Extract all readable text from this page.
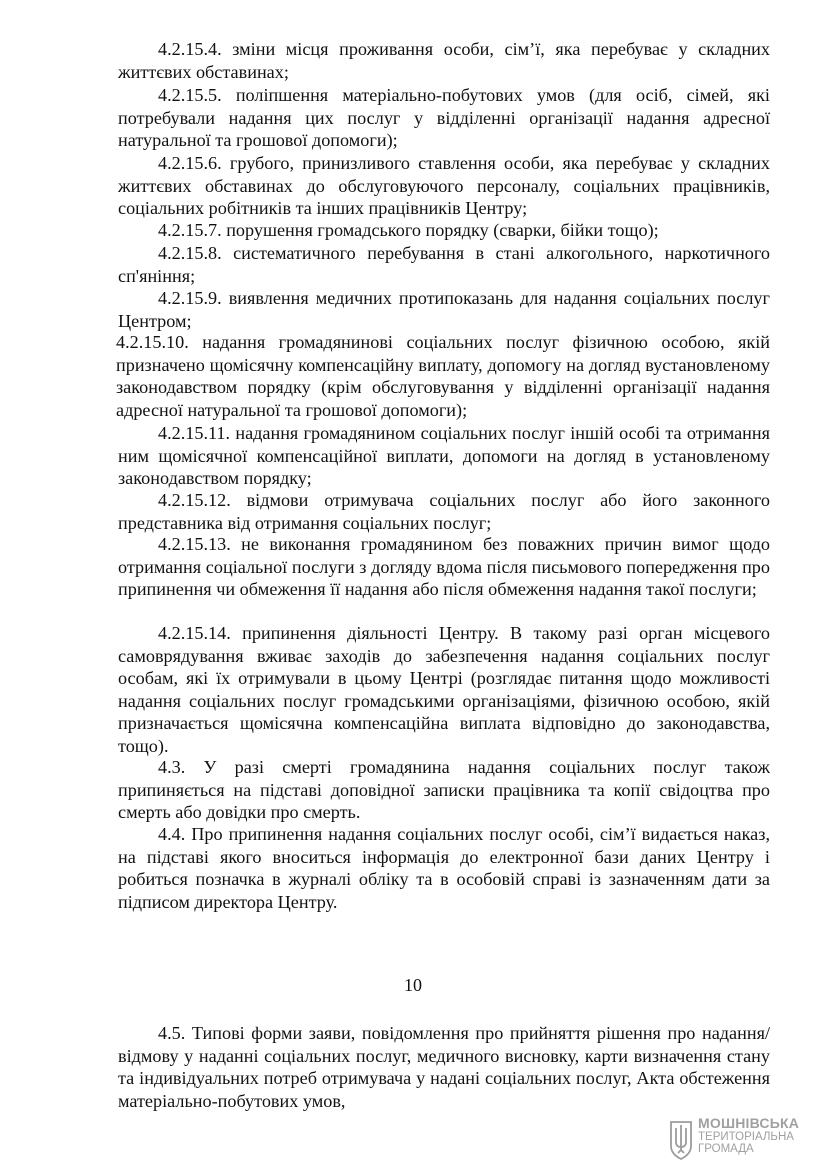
4.2.15.4. зміни місця проживання особи, сім’ї, яка перебуває у складних життєвих обставинах;

4.2.15.5. поліпшення матеріально-побутових умов (для осіб, сімей, які потребували надання цих послуг у відділенні організації надання адресної натуральної та грошової допомоги);

4.2.15.6. грубого, принизливого ставлення особи, яка перебуває у складних життєвих обставинах до обслуговуючого персоналу, соціальних працівників, соціальних робітників та інших працівників Центру;

4.2.15.7. порушення громадського порядку (сварки, бійки тощо);

4.2.15.8. систематичного перебування в стані алкогольного, наркотичного сп'яніння;

4.2.15.9. виявлення медичних протипоказань для надання соціальних послуг Центром;

4.2.15.10. надання громадянинові соціальних послуг фізичною особою, якій призначено щомісячну компенсаційну виплату, допомогу на догляд вустановленому законодавством порядку (крім обслуговування у відділенні організації надання адресної натуральної та грошової допомоги);

4.2.15.11. надання громадянином соціальних послуг іншій особі та отримання ним щомісячної компенсаційної виплати, допомоги на догляд в установленому законодавством порядку;

4.2.15.12. відмови отримувача соціальних послуг або його законного представника від отримання соціальних послуг;

4.2.15.13. не виконання громадянином без поважних причин вимог щодо отримання соціальної послуги з догляду вдома після письмового попередження про припинення чи обмеження її надання або після обмеження надання такої послуги;

4.2.15.14. припинення діяльності Центру. В такому разі орган місцевого самоврядування вживає заходів до забезпечення надання соціальних послуг особам, які їх отримували в цьому Центрі (розглядає питання щодо можливості надання соціальних послуг громадськими організаціями, фізичною особою, якій призначається щомісячна компенсаційна виплата відповідно до законодавства, тощо).

4.3. У разі смерті громадянина надання соціальних послуг також припиняється на підставі доповідної записки працівника та копії свідоцтва про смерть або довідки про смерть.

4.4. Про припинення надання соціальних послуг особі, сім’ї видається наказ, на підставі якого вноситься інформація до електронної бази даних Центру і робиться позначка в журналі обліку та в особовій справі із зазначенням дати за підписом директора Центру.

10

4.5. Типові форми заяви, повідомлення про прийняття рішення про надання/відмову у наданні соціальних послуг, медичного висновку, карти визначення стану та індивідуальних потреб отримувача у надані соціальних послуг, Акта обстеження матеріально-побутових умов,

МОШНІВСЬКА
ТЕРИТОРІАЛЬНА
ГРОМАДА
